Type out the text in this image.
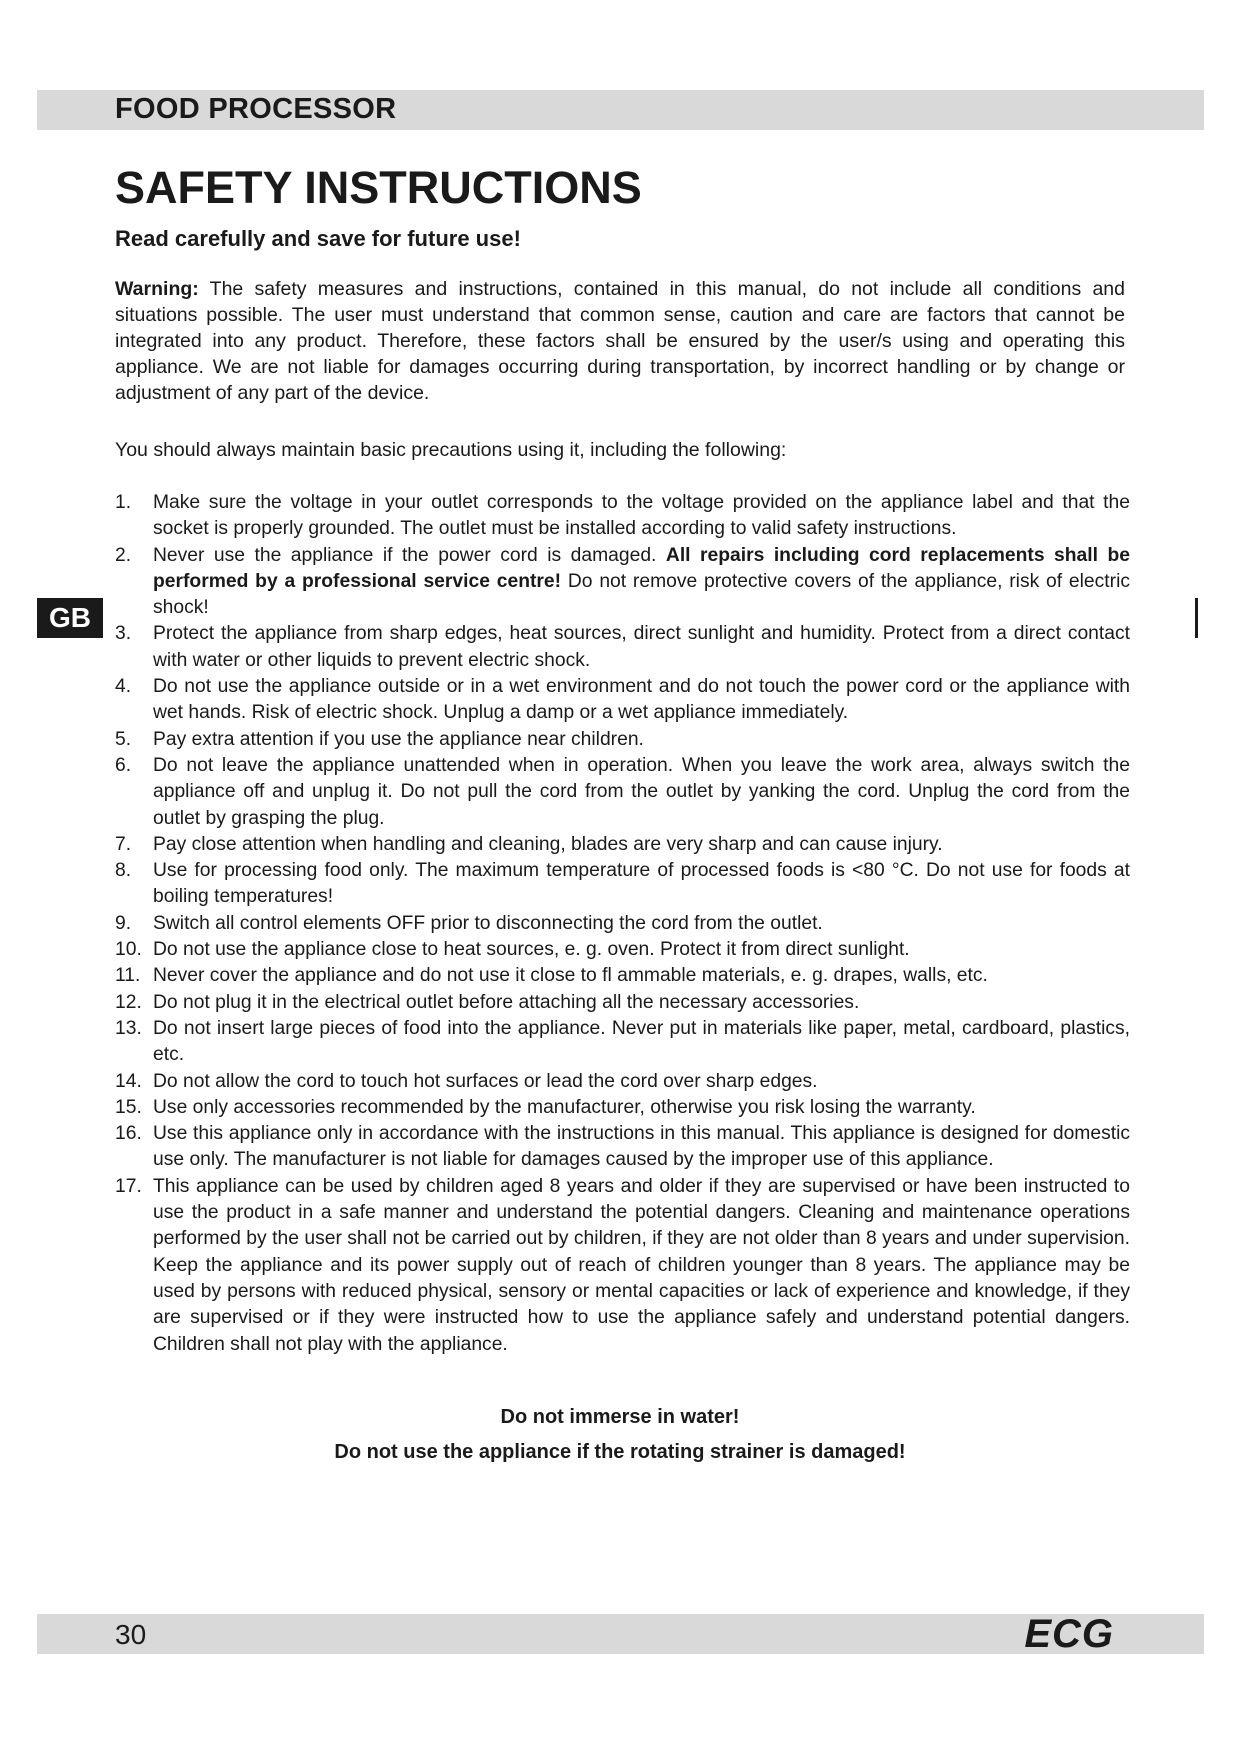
FOOD PROCESSOR
SAFETY INSTRUCTIONS
Read carefully and save for future use!
Warning: The safety measures and instructions, contained in this manual, do not include all conditions and situations possible. The user must understand that common sense, caution and care are factors that cannot be integrated into any product. Therefore, these factors shall be ensured by the user/s using and operating this appliance. We are not liable for damages occurring during transportation, by incorrect handling or by change or adjustment of any part of the device.
You should always maintain basic precautions using it, including the following:
1. Make sure the voltage in your outlet corresponds to the voltage provided on the appliance label and that the socket is properly grounded. The outlet must be installed according to valid safety instructions.
2. Never use the appliance if the power cord is damaged. All repairs including cord replacements shall be performed by a professional service centre! Do not remove protective covers of the appliance, risk of electric shock!
3. Protect the appliance from sharp edges, heat sources, direct sunlight and humidity. Protect from a direct contact with water or other liquids to prevent electric shock.
4. Do not use the appliance outside or in a wet environment and do not touch the power cord or the appliance with wet hands. Risk of electric shock. Unplug a damp or a wet appliance immediately.
5. Pay extra attention if you use the appliance near children.
6. Do not leave the appliance unattended when in operation. When you leave the work area, always switch the appliance off and unplug it. Do not pull the cord from the outlet by yanking the cord. Unplug the cord from the outlet by grasping the plug.
7. Pay close attention when handling and cleaning, blades are very sharp and can cause injury.
8. Use for processing food only. The maximum temperature of processed foods is <80 °C. Do not use for foods at boiling temperatures!
9. Switch all control elements OFF prior to disconnecting the cord from the outlet.
10. Do not use the appliance close to heat sources, e. g. oven. Protect it from direct sunlight.
11. Never cover the appliance and do not use it close to fl ammable materials, e. g. drapes, walls, etc.
12. Do not plug it in the electrical outlet before attaching all the necessary accessories.
13. Do not insert large pieces of food into the appliance. Never put in materials like paper, metal, cardboard, plastics, etc.
14. Do not allow the cord to touch hot surfaces or lead the cord over sharp edges.
15. Use only accessories recommended by the manufacturer, otherwise you risk losing the warranty.
16. Use this appliance only in accordance with the instructions in this manual. This appliance is designed for domestic use only. The manufacturer is not liable for damages caused by the improper use of this appliance.
17. This appliance can be used by children aged 8 years and older if they are supervised or have been instructed to use the product in a safe manner and understand the potential dangers. Cleaning and maintenance operations performed by the user shall not be carried out by children, if they are not older than 8 years and under supervision. Keep the appliance and its power supply out of reach of children younger than 8 years. The appliance may be used by persons with reduced physical, sensory or mental capacities or lack of experience and knowledge, if they are supervised or if they were instructed how to use the appliance safely and understand potential dangers. Children shall not play with the appliance.
Do not immerse in water!
Do not use the appliance if the rotating strainer is damaged!
GB
30	ECG
